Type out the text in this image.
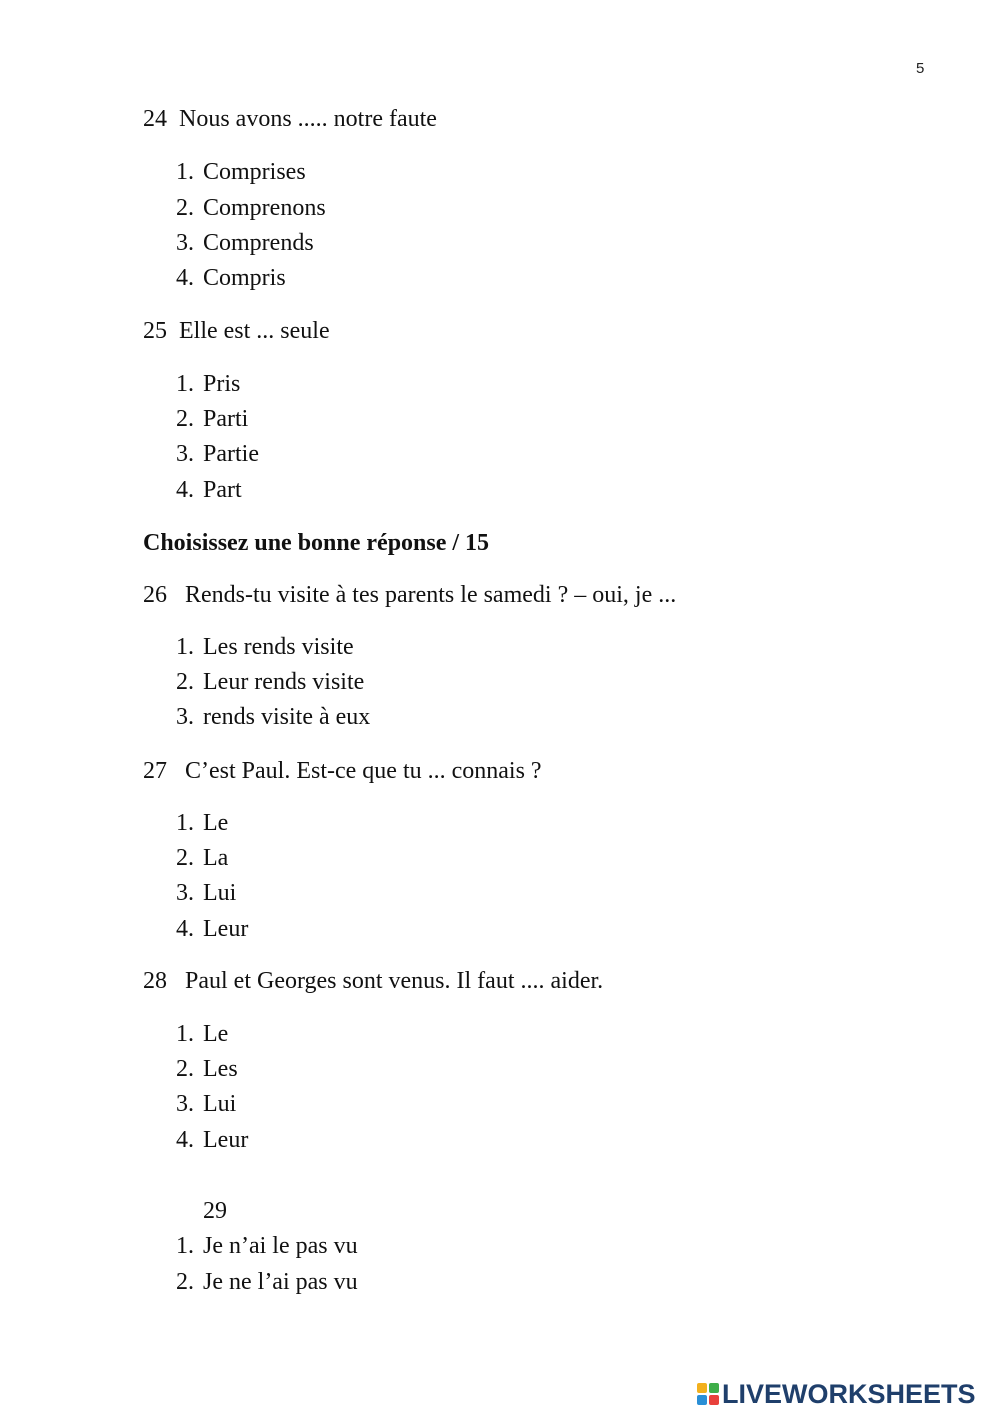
5
24 Nous avons ..... notre faute
1. Comprises
2. Comprenons
3. Comprends
4. Compris
25 Elle est ... seule
1. Pris
2. Parti
3. Partie
4. Part
Choisissez une bonne réponse / 15
26 Rends-tu visite à tes parents le samedi ? – oui, je ...
1. Les rends visite
2. Leur rends visite
3. rends visite à eux
27 C’est Paul. Est-ce que tu ... connais ?
1. Le
2. La
3. Lui
4. Leur
28 Paul et Georges sont venus. Il faut .... aider.
1. Le
2. Les
3. Lui
4. Leur
29
1. Je n’ai le pas vu
2. Je ne l’ai pas vu
LIVEWORKSHEETS
